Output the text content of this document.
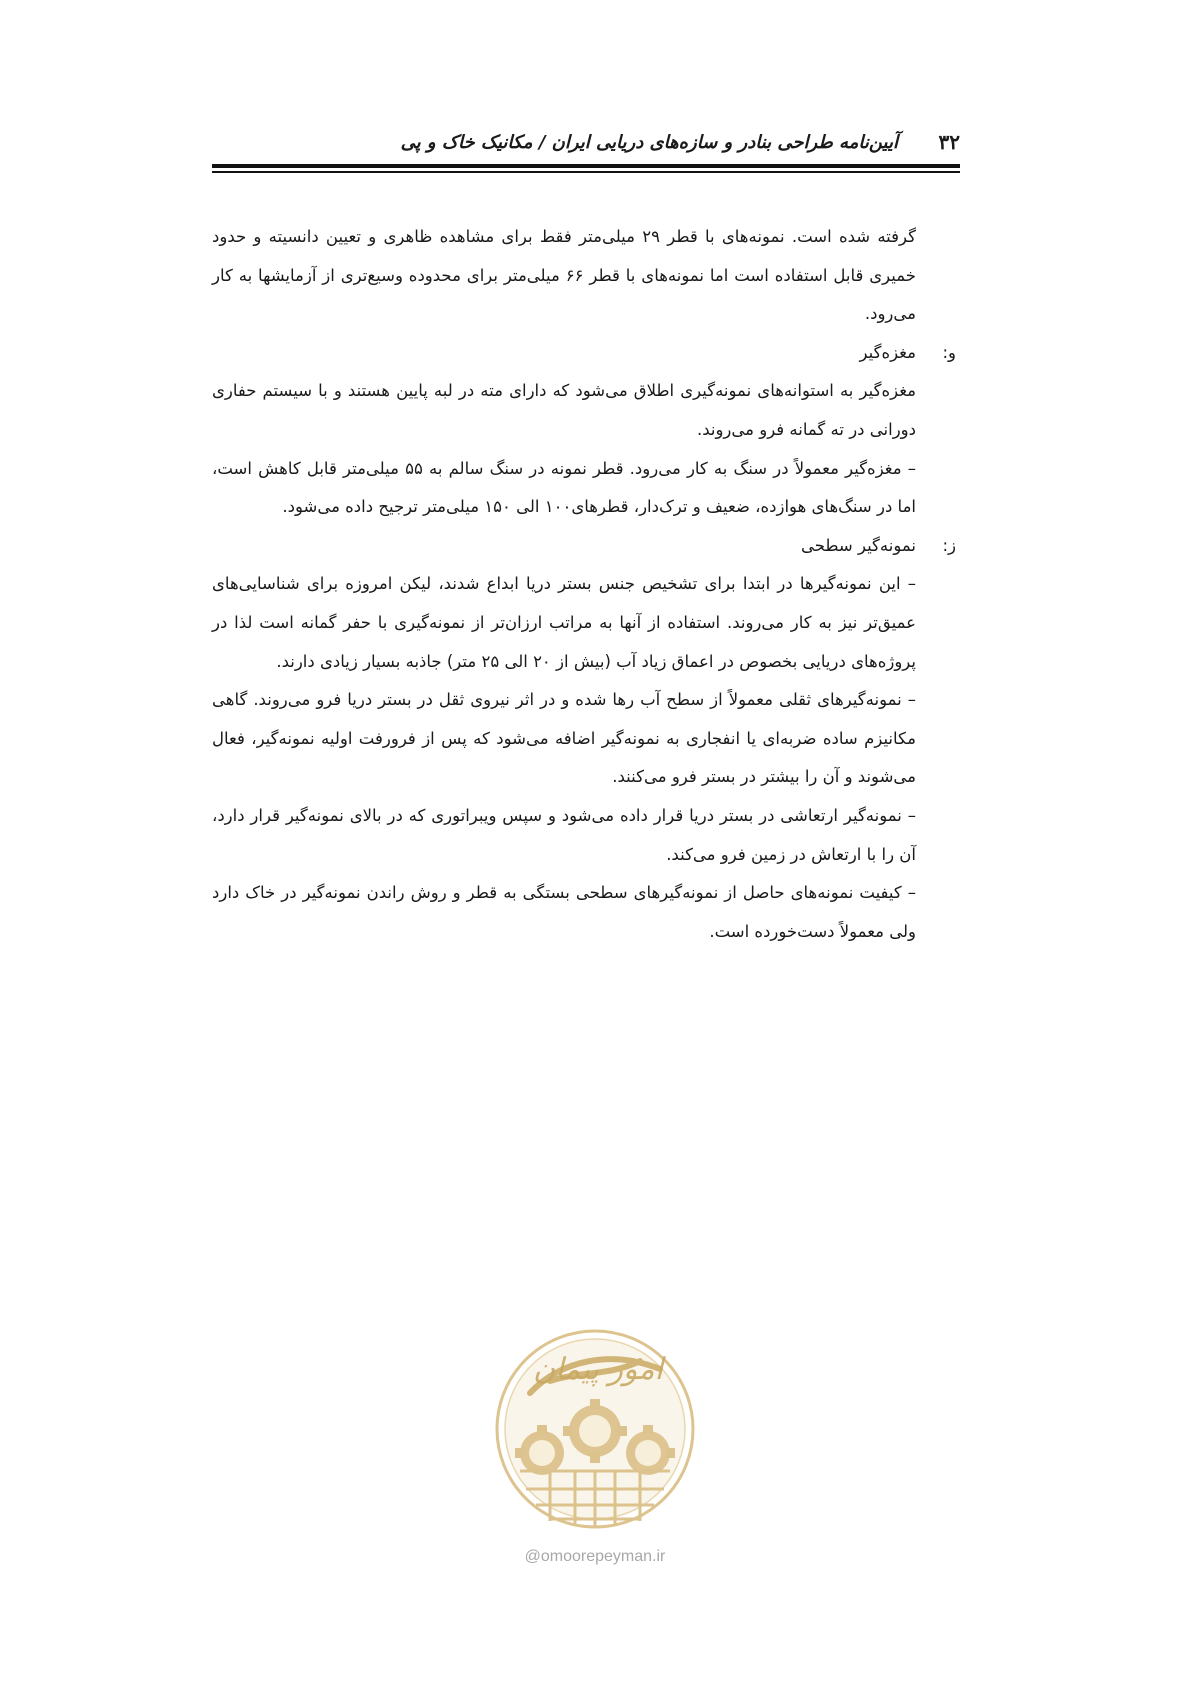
۳۲
آیین‌نامه طراحی بنادر و سازه‌های دریایی ایران / مکانیک خاک و پی

گرفته شده است. نمونه‌های با قطر ۲۹ میلی‌متر فقط برای مشاهده ظاهری و تعیین دانسیته و حدود خمیری قابل استفاده است اما نمونه‌های با قطر ۶۶ میلی‌متر برای محدوده وسیع‌تری از آزمایشها به کار می‌رود.

و:
مغزه‌گیر

مغزه‌گیر به استوانه‌های نمونه‌گیری اطلاق می‌شود که دارای مته در لبه پایین هستند و با سیستم حفاری دورانی در ته گمانه فرو می‌روند.

– مغزه‌گیر معمولاً در سنگ به کار می‌رود. قطر نمونه در سنگ سالم به ۵۵ میلی‌متر قابل کاهش است، اما در سنگ‌های هوازده، ضعیف و ترک‌دار، قطرهای۱۰۰ الی ۱۵۰ میلی‌متر ترجیح داده می‌شود.

ز:
نمونه‌گیر سطحی

– این نمونه‌گیرها در ابتدا برای تشخیص جنس بستر دریا ابداع شدند، لیکن امروزه برای شناسایی‌های عمیق‌تر نیز به کار می‌روند. استفاده از آنها به مراتب ارزان‌تر از نمونه‌گیری با حفر گمانه است لذا در پروژه‌های دریایی بخصوص در اعماق زیاد آب (بیش از ۲۰ الی ۲۵ متر) جاذبه بسیار زیادی دارند.

– نمونه‌گیرهای ثقلی معمولاً از سطح آب رها شده و در اثر نیروی ثقل در بستر دریا فرو می‌روند. گاهی مکانیزم ساده ضربه‌ای یا انفجاری به نمونه‌گیر اضافه می‌شود که پس از فرورفت اولیه نمونه‌گیر، فعال می‌شوند و آن را بیشتر در بستر فرو می‌کنند.

– نمونه‌گیر ارتعاشی در بستر دریا قرار داده می‌شود و سپس ویبراتوری که در بالای نمونه‌گیر قرار دارد، آن را با ارتعاش در زمین فرو می‌کند.

– کیفیت نمونه‌های حاصل از نمونه‌گیرهای سطحی بستگی به قطر و روش راندن نمونه‌گیر در خاک دارد ولی معمولاً دست‌خورده است.

امور پیمان
@omoorepeyman.ir
